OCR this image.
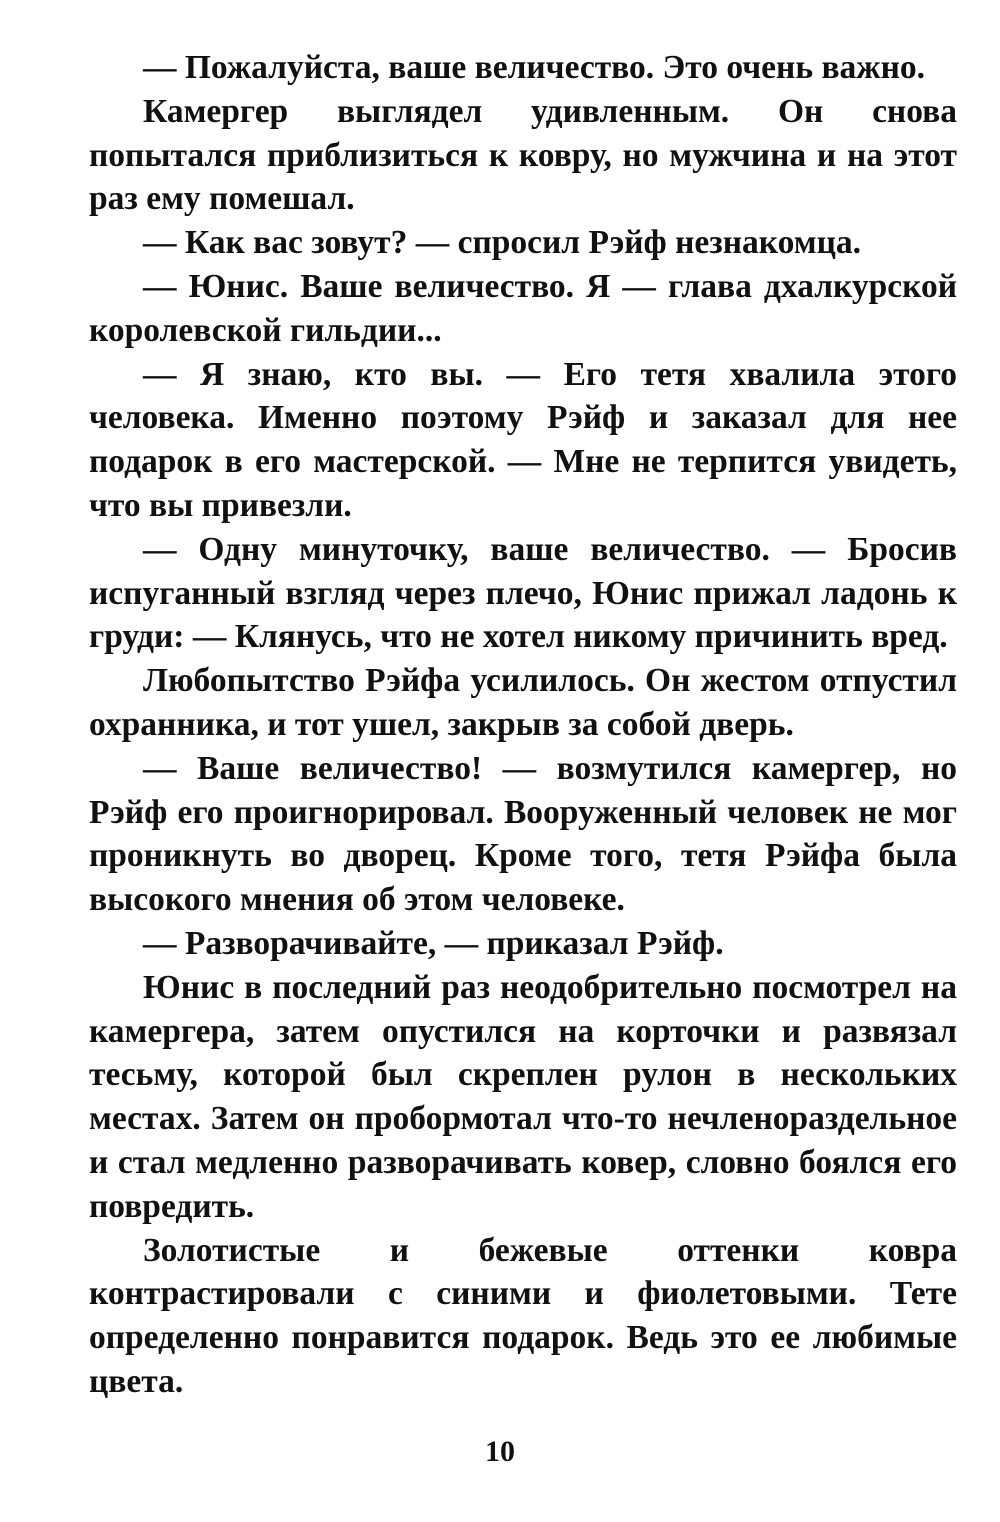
— Пожалуйста, ваше величество. Это очень важно.

Камергер выглядел удивленным. Он снова попытался приблизиться к ковру, но мужчина и на этот раз ему помешал.

— Как вас зовут? — спросил Рэйф незнакомца.

— Юнис. Ваше величество. Я — глава дхалкурской королевской гильдии...

— Я знаю, кто вы. — Его тетя хвалила этого человека. Именно поэтому Рэйф и заказал для нее подарок в его мастерской. — Мне не терпится увидеть, что вы привезли.

— Одну минуточку, ваше величество. — Бросив испуганный взгляд через плечо, Юнис прижал ладонь к груди: — Клянусь, что не хотел никому причинить вред.

Любопытство Рэйфа усилилось. Он жестом отпустил охранника, и тот ушел, закрыв за собой дверь.

— Ваше величество! — возмутился камергер, но Рэйф его проигнорировал. Вооруженный человек не мог проникнуть во дворец. Кроме того, тетя Рэйфа была высокого мнения об этом человеке.

— Разворачивайте, — приказал Рэйф.

Юнис в последний раз неодобрительно посмотрел на камергера, затем опустился на корточки и развязал тесьму, которой был скреплен рулон в нескольких местах. Затем он пробормотал что-то нечленораздельное и стал медленно разворачивать ковер, словно боялся его повредить.

Золотистые и бежевые оттенки ковра контрастировали с синими и фиолетовыми. Тете определенно понравится подарок. Ведь это ее любимые цвета.

10
